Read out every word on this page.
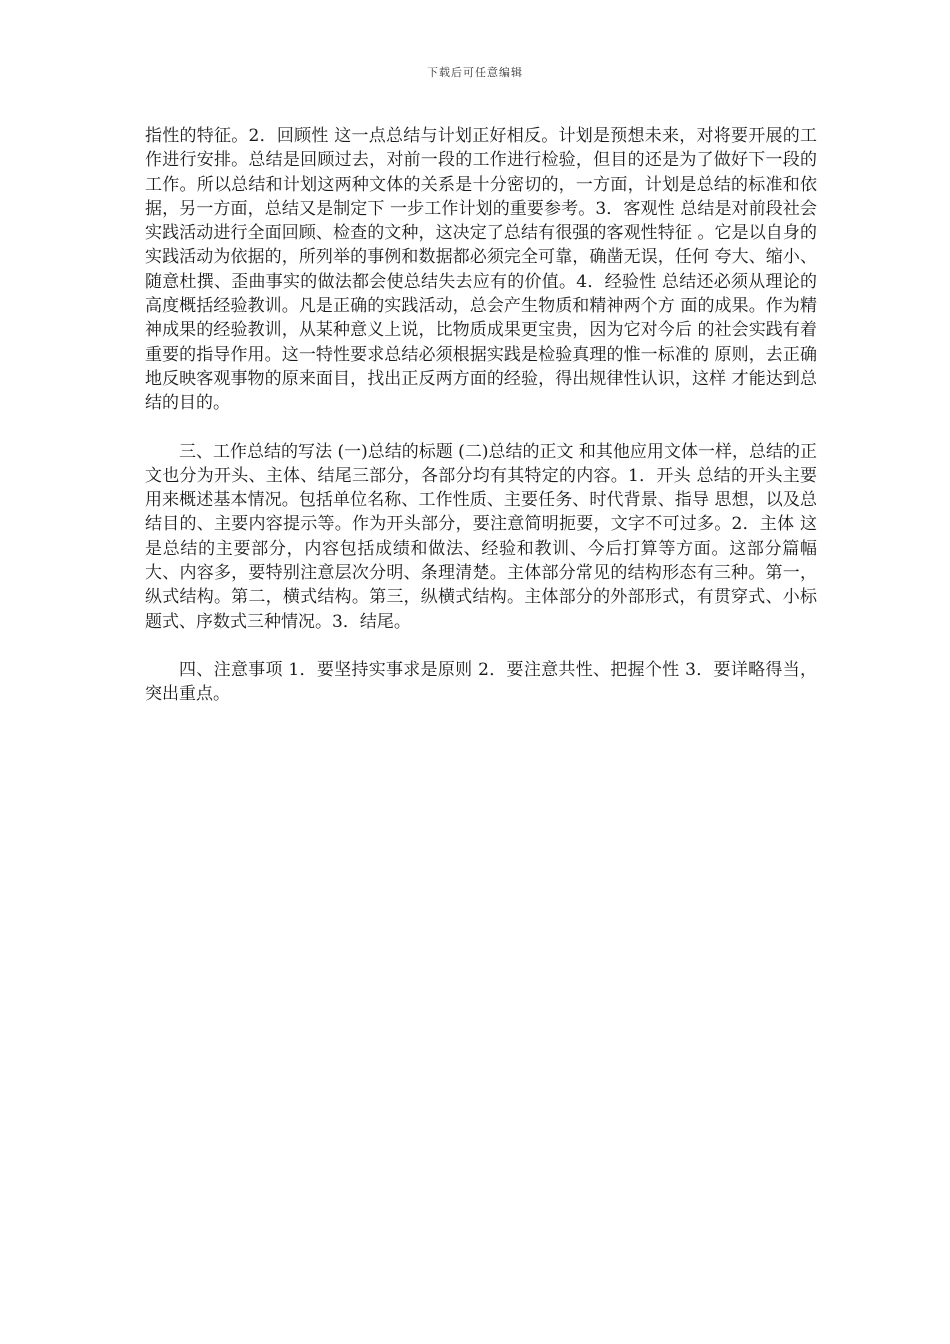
下载后可任意编辑

指性的特征。2．回顾性 这一点总结与计划正好相反。计划是预想未来，对将要开展的工作进行安排。总结是回顾过去，对前一段的工作进行检验，但目的还是为了做好下一段的工作。所以总结和计划这两种文体的关系是十分密切的，一方面，计划是总结的标准和依据，另一方面，总结又是制定下 一步工作计划的重要参考。3．客观性 总结是对前段社会实践活动进行全面回顾、检查的文种，这决定了总结有很强的客观性特征 。它是以自身的实践活动为依据的，所列举的事例和数据都必须完全可靠，确凿无误，任何 夸大、缩小、随意杜撰、歪曲事实的做法都会使总结失去应有的价值。4．经验性 总结还必须从理论的高度概括经验教训。凡是正确的实践活动，总会产生物质和精神两个方 面的成果。作为精神成果的经验教训，从某种意义上说，比物质成果更宝贵，因为它对今后 的社会实践有着重要的指导作用。这一特性要求总结必须根据实践是检验真理的惟一标准的 原则，去正确地反映客观事物的原来面目，找出正反两方面的经验，得出规律性认识，这样 才能达到总结的目的。

三、工作总结的写法 (一)总结的标题 (二)总结的正文 和其他应用文体一样，总结的正文也分为开头、主体、结尾三部分，各部分均有其特定的内容。1．开头 总结的开头主要用来概述基本情况。包括单位名称、工作性质、主要任务、时代背景、指导 思想，以及总结目的、主要内容提示等。作为开头部分，要注意简明扼要，文字不可过多。2．主体 这是总结的主要部分，内容包括成绩和做法、经验和教训、今后打算等方面。这部分篇幅大、内容多，要特别注意层次分明、条理清楚。主体部分常见的结构形态有三种。第一，纵式结构。第二，横式结构。第三，纵横式结构。主体部分的外部形式，有贯穿式、小标题式、序数式三种情况。3．结尾。

四、注意事项 1．要坚持实事求是原则 2．要注意共性、把握个性 3．要详略得当，突出重点。
